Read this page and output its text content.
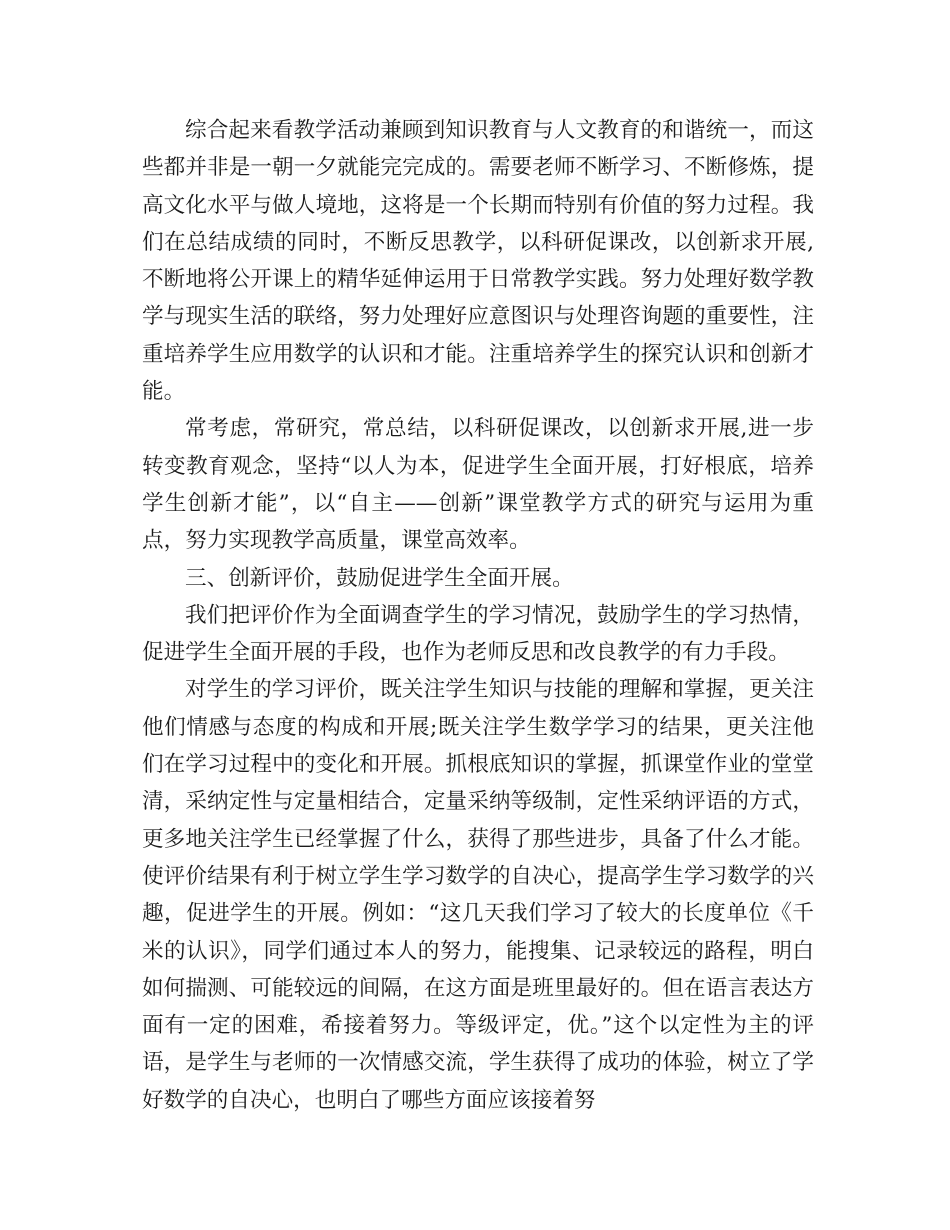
综合起来看教学活动兼顾到知识教育与人文教育的和谐统一，而这些都并非是一朝一夕就能完完成的。需要老师不断学习、不断修炼，提高文化水平与做人境地，这将是一个长期而特别有价值的努力过程。我们在总结成绩的同时，不断反思教学，以科研促课改，以创新求开展,不断地将公开课上的精华延伸运用于日常教学实践。努力处理好数学教学与现实生活的联络，努力处理好应意图识与处理咨询题的重要性，注重培养学生应用数学的认识和才能。注重培养学生的探究认识和创新才能。

常考虑，常研究，常总结，以科研促课改，以创新求开展,进一步转变教育观念，坚持“以人为本，促进学生全面开展，打好根底，培养学生创新才能”，以“自主——创新”课堂教学方式的研究与运用为重点，努力实现教学高质量，课堂高效率。

三、创新评价，鼓励促进学生全面开展。

我们把评价作为全面调查学生的学习情况，鼓励学生的学习热情，促进学生全面开展的手段，也作为老师反思和改良教学的有力手段。

对学生的学习评价，既关注学生知识与技能的理解和掌握，更关注他们情感与态度的构成和开展;既关注学生数学学习的结果，更关注他们在学习过程中的变化和开展。抓根底知识的掌握，抓课堂作业的堂堂清，采纳定性与定量相结合，定量采纳等级制，定性采纳评语的方式，更多地关注学生已经掌握了什么，获得了那些进步，具备了什么才能。使评价结果有利于树立学生学习数学的自决心，提高学生学习数学的兴趣，促进学生的开展。例如：“这几天我们学习了较大的长度单位《千米的认识》，同学们通过本人的努力，能搜集、记录较远的路程，明白如何揣测、可能较远的间隔，在这方面是班里最好的。但在语言表达方面有一定的困难，希接着努力。等级评定，优。”这个以定性为主的评语，是学生与老师的一次情感交流，学生获得了成功的体验，树立了学好数学的自决心，也明白了哪些方面应该接着努
